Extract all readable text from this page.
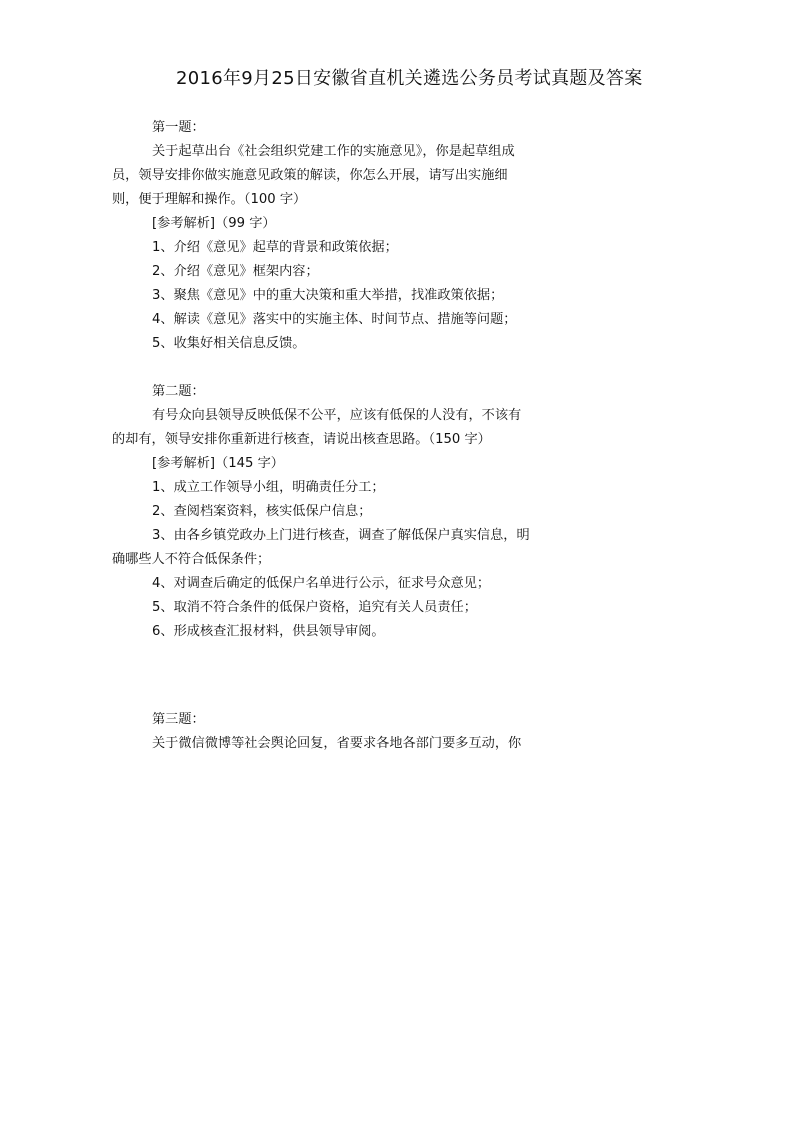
2016年9月25日安徽省直机关遴选公务员考试真题及答案
第一题：
关于起草出台《社会组织党建工作的实施意见》，你是起草组成
员，领导安排你做实施意见政策的解读，你怎么开展，请写出实施细
则，便于理解和操作。（100 字）
[参考解析]（99 字）
1、介绍《意见》起草的背景和政策依据；
2、介绍《意见》框架内容；
3、聚焦《意见》中的重大决策和重大举措，找准政策依据；
4、解读《意见》落实中的实施主体、时间节点、措施等问题；
5、收集好相关信息反馈。
第二题：
有号众向县领导反映低保不公平，应该有低保的人没有，不该有
的却有，领导安排你重新进行核查，请说出核查思路。（150 字）
[参考解析]（145 字）
1、成立工作领导小组，明确责任分工；
2、查阅档案资料，核实低保户信息；
3、由各乡镇党政办上门进行核查，调查了解低保户真实信息，明
确哪些人不符合低保条件；
4、对调查后确定的低保户名单进行公示，征求号众意见；
5、取消不符合条件的低保户资格，追究有关人员责任；
6、形成核查汇报材料，供县领导审阅。
第三题：
关于微信微博等社会舆论回复，省要求各地各部门要多互动，你
